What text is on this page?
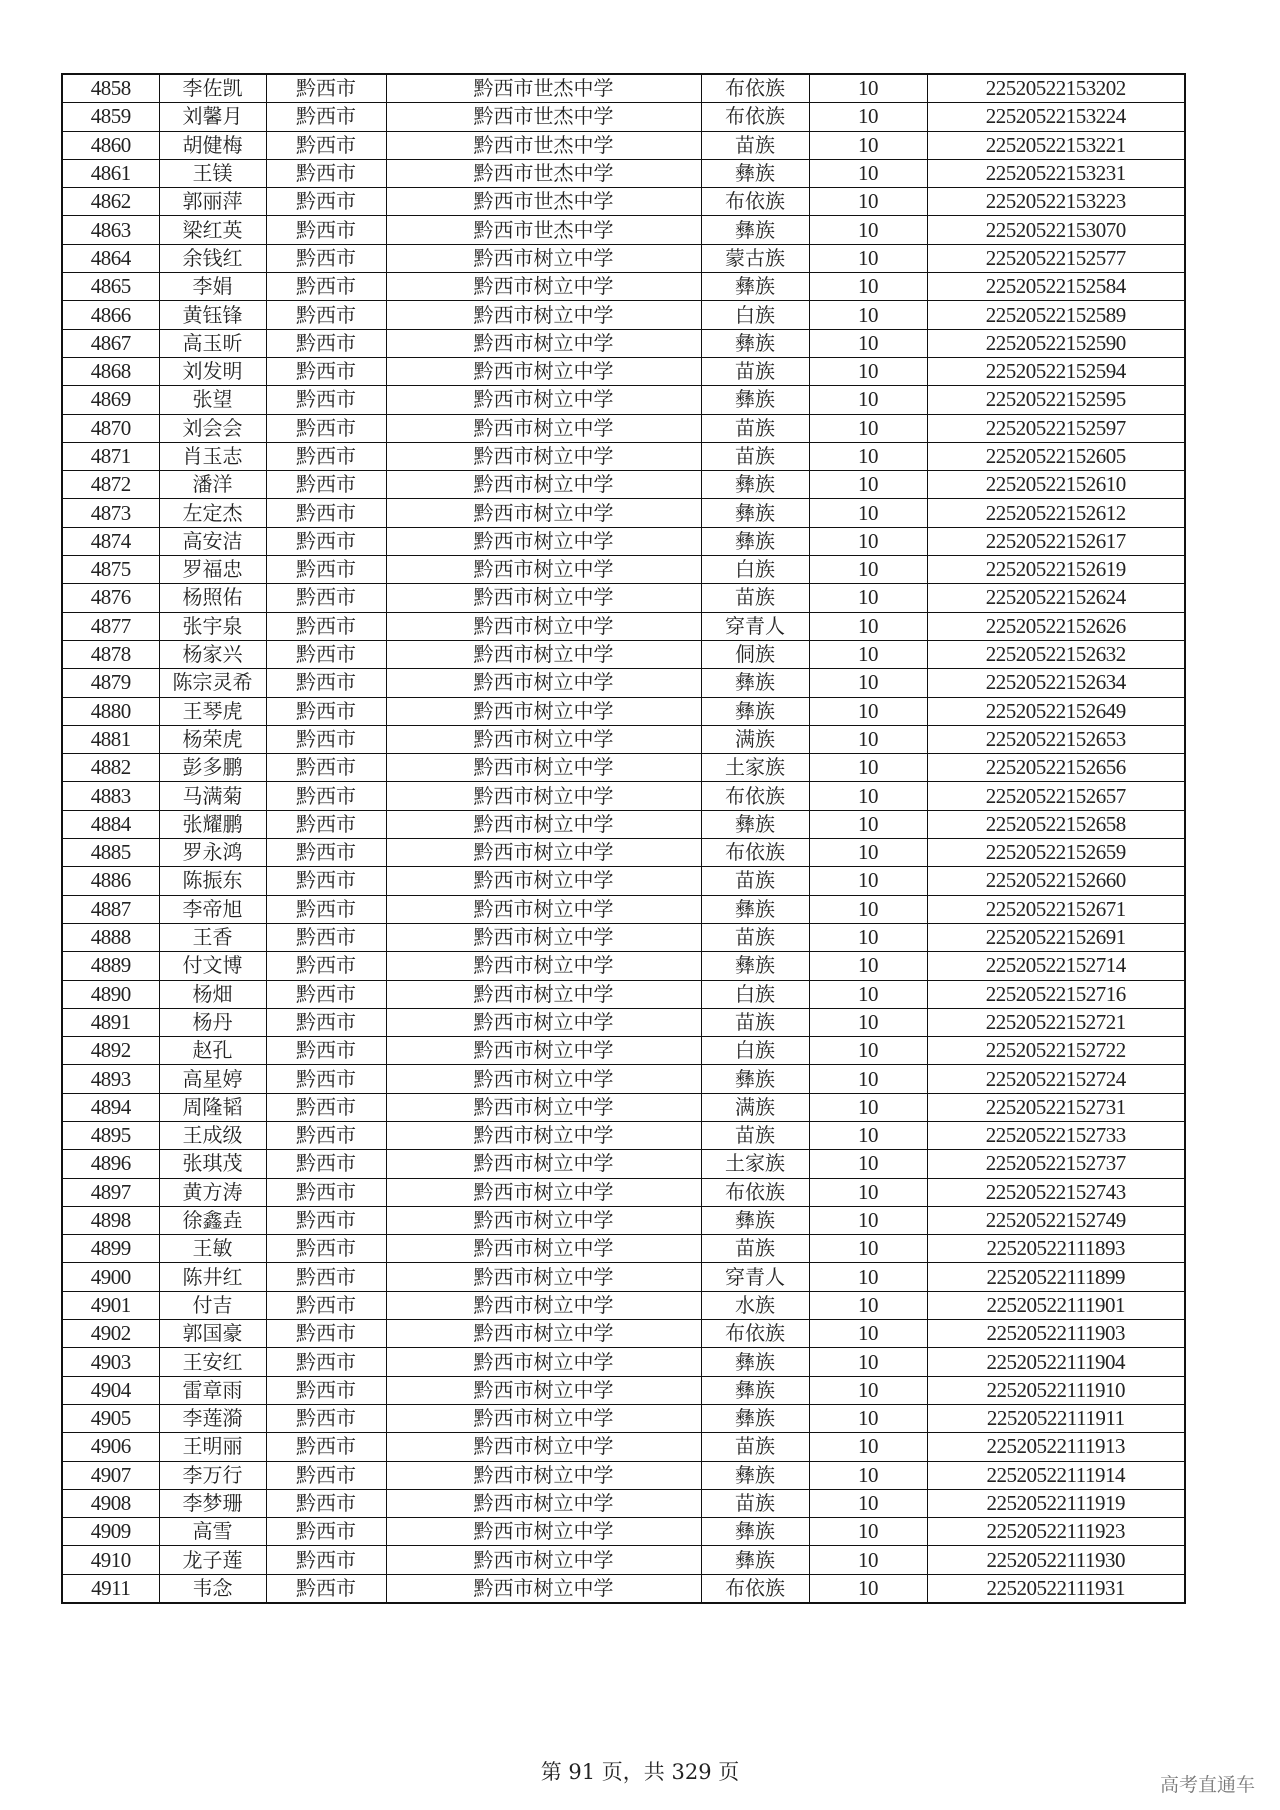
4858	李佐凯	黔西市	黔西市世杰中学	布依族	10	22520522153202
4859	刘馨月	黔西市	黔西市世杰中学	布依族	10	22520522153224
4860	胡健梅	黔西市	黔西市世杰中学	苗族	10	22520522153221
4861	王镁	黔西市	黔西市世杰中学	彝族	10	22520522153231
4862	郭丽萍	黔西市	黔西市世杰中学	布依族	10	22520522153223
4863	梁红英	黔西市	黔西市世杰中学	彝族	10	22520522153070
4864	余钱红	黔西市	黔西市树立中学	蒙古族	10	22520522152577
4865	李娟	黔西市	黔西市树立中学	彝族	10	22520522152584
4866	黄钰锋	黔西市	黔西市树立中学	白族	10	22520522152589
4867	高玉昕	黔西市	黔西市树立中学	彝族	10	22520522152590
4868	刘发明	黔西市	黔西市树立中学	苗族	10	22520522152594
4869	张望	黔西市	黔西市树立中学	彝族	10	22520522152595
4870	刘会会	黔西市	黔西市树立中学	苗族	10	22520522152597
4871	肖玉志	黔西市	黔西市树立中学	苗族	10	22520522152605
4872	潘洋	黔西市	黔西市树立中学	彝族	10	22520522152610
4873	左定杰	黔西市	黔西市树立中学	彝族	10	22520522152612
4874	高安洁	黔西市	黔西市树立中学	彝族	10	22520522152617
4875	罗福忠	黔西市	黔西市树立中学	白族	10	22520522152619
4876	杨照佑	黔西市	黔西市树立中学	苗族	10	22520522152624
4877	张宇泉	黔西市	黔西市树立中学	穿青人	10	22520522152626
4878	杨家兴	黔西市	黔西市树立中学	侗族	10	22520522152632
4879	陈宗灵希	黔西市	黔西市树立中学	彝族	10	22520522152634
4880	王琴虎	黔西市	黔西市树立中学	彝族	10	22520522152649
4881	杨荣虎	黔西市	黔西市树立中学	满族	10	22520522152653
4882	彭多鹏	黔西市	黔西市树立中学	土家族	10	22520522152656
4883	马满菊	黔西市	黔西市树立中学	布依族	10	22520522152657
4884	张耀鹏	黔西市	黔西市树立中学	彝族	10	22520522152658
4885	罗永鸿	黔西市	黔西市树立中学	布依族	10	22520522152659
4886	陈振东	黔西市	黔西市树立中学	苗族	10	22520522152660
4887	李帝旭	黔西市	黔西市树立中学	彝族	10	22520522152671
4888	王香	黔西市	黔西市树立中学	苗族	10	22520522152691
4889	付文博	黔西市	黔西市树立中学	彝族	10	22520522152714
4890	杨畑	黔西市	黔西市树立中学	白族	10	22520522152716
4891	杨丹	黔西市	黔西市树立中学	苗族	10	22520522152721
4892	赵孔	黔西市	黔西市树立中学	白族	10	22520522152722
4893	高星婷	黔西市	黔西市树立中学	彝族	10	22520522152724
4894	周隆韬	黔西市	黔西市树立中学	满族	10	22520522152731
4895	王成级	黔西市	黔西市树立中学	苗族	10	22520522152733
4896	张琪茂	黔西市	黔西市树立中学	土家族	10	22520522152737
4897	黄方涛	黔西市	黔西市树立中学	布依族	10	22520522152743
4898	徐鑫垚	黔西市	黔西市树立中学	彝族	10	22520522152749
4899	王敏	黔西市	黔西市树立中学	苗族	10	22520522111893
4900	陈井红	黔西市	黔西市树立中学	穿青人	10	22520522111899
4901	付吉	黔西市	黔西市树立中学	水族	10	22520522111901
4902	郭国豪	黔西市	黔西市树立中学	布依族	10	22520522111903
4903	王安红	黔西市	黔西市树立中学	彝族	10	22520522111904
4904	雷章雨	黔西市	黔西市树立中学	彝族	10	22520522111910
4905	李莲漪	黔西市	黔西市树立中学	彝族	10	22520522111911
4906	王明丽	黔西市	黔西市树立中学	苗族	10	22520522111913
4907	李万行	黔西市	黔西市树立中学	彝族	10	22520522111914
4908	李梦珊	黔西市	黔西市树立中学	苗族	10	22520522111919
4909	高雪	黔西市	黔西市树立中学	彝族	10	22520522111923
4910	龙子莲	黔西市	黔西市树立中学	彝族	10	22520522111930
4911	韦念	黔西市	黔西市树立中学	布依族	10	22520522111931
第 91 页，共 329 页
高考直通车
